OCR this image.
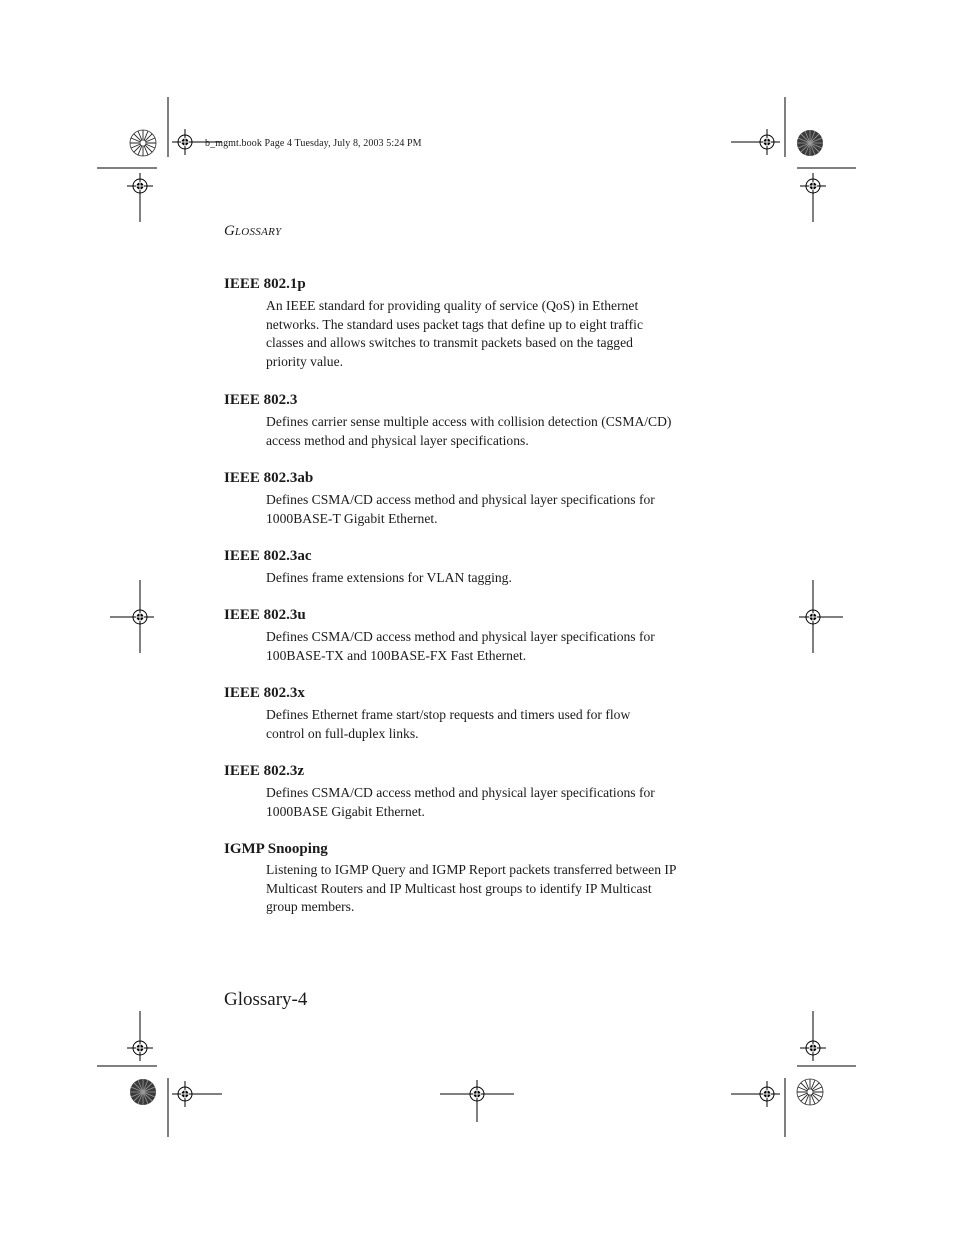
b_mgmt.book Page 4 Tuesday, July 8, 2003 5:24 PM
GLOSSARY
IEEE 802.1p

An IEEE standard for providing quality of service (QoS) in Ethernet

networks. The standard uses packet tags that define up to eight traffic

classes and allows switches to transmit packets based on the tagged

priority value.

IEEE 802.3

Defines carrier sense multiple access with collision detection (CSMA/CD)

access method and physical layer specifications.

IEEE 802.3ab

Defines CSMA/CD access method and physical layer specifications for

1000BASE-T Gigabit Ethernet.

IEEE 802.3ac

Defines frame extensions for VLAN tagging.

IEEE 802.3u

Defines CSMA/CD access method and physical layer specifications for

100BASE-TX and 100BASE-FX Fast Ethernet.

IEEE 802.3x

Defines Ethernet frame start/stop requests and timers used for flow

control on full-duplex links.

IEEE 802.3z

Defines CSMA/CD access method and physical layer specifications for

1000BASE Gigabit Ethernet.

IGMP Snooping

Listening to IGMP Query and IGMP Report packets transferred between IP

Multicast Routers and IP Multicast host groups to identify IP Multicast

group members.

Glossary-4
